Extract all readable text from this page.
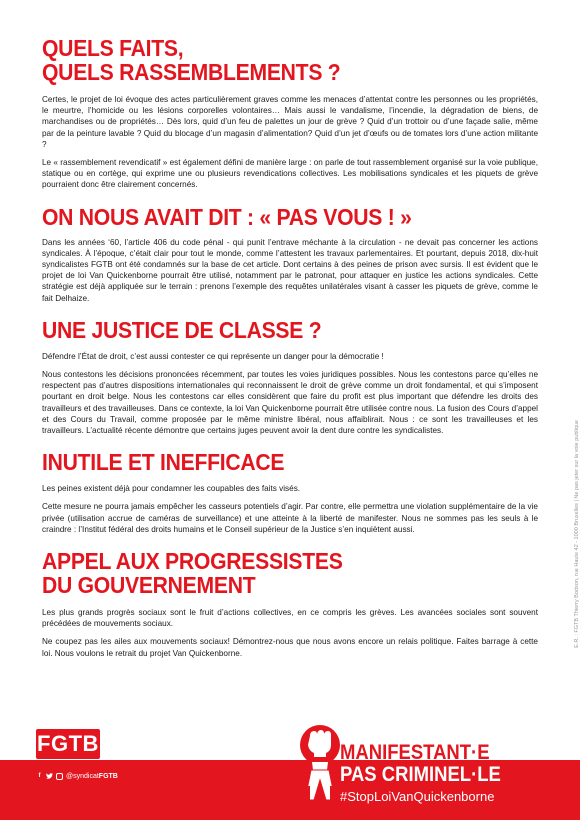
QUELS FAITS,
QUELS RASSEMBLEMENTS ?

Certes, le projet de loi évoque des actes particulièrement graves comme les menaces d’attentat contre les personnes ou les propriétés, le meurtre, l’homicide ou les lésions corporelles volontaires… Mais aussi le vandalisme, l’incendie, la dégradation de biens, de marchandises ou de propriétés… Dès lors, quid d’un feu de palettes un jour de grève ? Quid d’un trottoir ou d’une façade salie, même par de la peinture lavable ? Quid du blocage d’un magasin d’alimentation? Quid d’un jet d’œufs ou de tomates lors d’une action militante ?

Le « rassemblement revendicatif » est également défini de manière large : on parle de tout rassemblement organisé sur la voie publique, statique ou en cortège, qui exprime une ou plusieurs revendications collectives. Les mobilisations syndicales et les piquets de grève pourraient donc être clairement concernés.

ON NOUS AVAIT DIT : « PAS VOUS ! »

Dans les années ‘60, l’article 406 du code pénal - qui punit l’entrave méchante à la circulation - ne devait pas concerner les actions syndicales. À l’époque, c’était clair pour tout le monde, comme l’attestent les travaux parlementaires. Et pourtant, depuis 2018, dix-huit syndicalistes FGTB ont été condamnés sur la base de cet article. Dont certains à des peines de prison avec sursis. Il est évident que le projet de loi Van Quickenborne pourrait être utilisé, notamment par le patronat, pour attaquer en justice les actions syndicales. Cette stratégie est déjà appliquée sur le terrain : prenons l’exemple des requêtes unilatérales visant à casser les piquets de grève, comme le fait Delhaize.

UNE JUSTICE DE CLASSE ?

Défendre l’État de droit, c’est aussi contester ce qui représente un danger pour la démocratie !

Nous contestons les décisions prononcées récemment, par toutes les voies juridiques possibles. Nous les contestons parce qu’elles ne respectent pas d’autres dispositions internationales qui reconnaissent le droit de grève comme un droit fondamental, et qui s’imposent pourtant en droit belge. Nous les contestons car elles considèrent que faire du profit est plus important que défendre les droits des travailleurs et des travailleuses. Dans ce contexte, la loi Van Quickenborne pourrait être utilisée contre nous. La fusion des Cours d’appel et des Cours du Travail, comme proposée par le même ministre libéral, nous affaiblirait. Nous : ce sont les travailleuses et les travailleurs. L’actualité récente démontre que certains juges peuvent avoir la dent dure contre les syndicalistes.

INUTILE ET INEFFICACE

Les peines existent déjà pour condamner les coupables des faits visés.

Cette mesure ne pourra jamais empêcher les casseurs potentiels d’agir. Par contre, elle permettra une violation supplémentaire de la vie privée (utilisation accrue de caméras de surveillance) et une atteinte à la liberté de manifester. Nous ne sommes pas les seuls à le craindre : l’Institut fédéral des droits humains et le Conseil supérieur de la Justice s’en inquiètent aussi.

APPEL AUX PROGRESSISTES
DU GOUVERNEMENT

Les plus grands progrès sociaux sont le fruit d’actions collectives, en ce compris les grèves. Les avancées sociales sont souvent précédées de mouvements sociaux.

Ne coupez pas les ailes aux mouvements sociaux! Démontrez-nous que nous avons encore un relais politique. Faites barrage à cette loi. Nous voulons le retrait du projet Van Quickenborne.

E.R. : FGTB Thierry Bodson, rue Haute 42 - 1000 Bruxelles | Ne pas jeter sur la voie publique
FGTB
f	@syndicatFGTB
MANIFESTANT·E
PAS CRIMINEL·LE
#StopLoiVanQuickenborne
